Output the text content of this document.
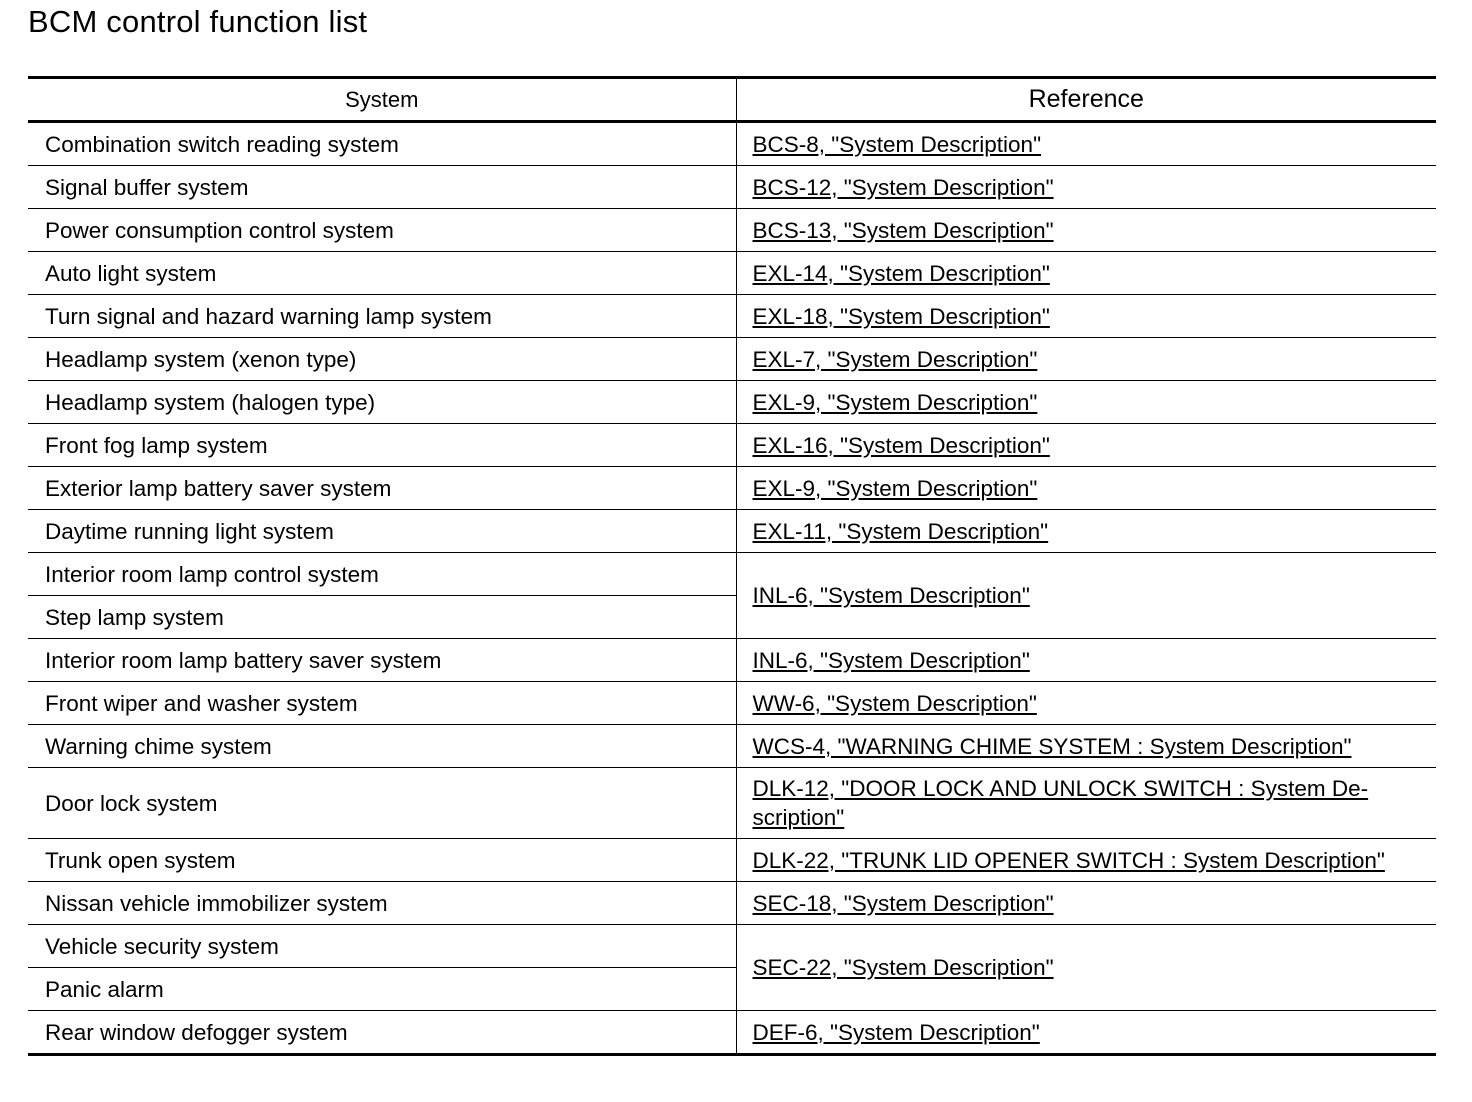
BCM control function list
System	Reference
Combination switch reading system	BCS-8, "System Description"
Signal buffer system	BCS-12, "System Description"
Power consumption control system	BCS-13, "System Description"
Auto light system	EXL-14, "System Description"
Turn signal and hazard warning lamp system	EXL-18, "System Description"
Headlamp system (xenon type)	EXL-7, "System Description"
Headlamp system (halogen type)	EXL-9, "System Description"
Front fog lamp system	EXL-16, "System Description"
Exterior lamp battery saver system	EXL-9, "System Description"
Daytime running light system	EXL-11, "System Description"
Interior room lamp control system	INL-6, "System Description"
Step lamp system	
Interior room lamp battery saver system	INL-6, "System Description"
Front wiper and washer system	WW-6, "System Description"
Warning chime system	WCS-4, "WARNING CHIME SYSTEM : System Description"
Door lock system	DLK-12, "DOOR LOCK AND UNLOCK SWITCH : System De-scription"
Trunk open system	DLK-22, "TRUNK LID OPENER SWITCH : System Description"
Nissan vehicle immobilizer system	SEC-18, "System Description"
Vehicle security system	SEC-22, "System Description"
Panic alarm	
Rear window defogger system	DEF-6, "System Description"
